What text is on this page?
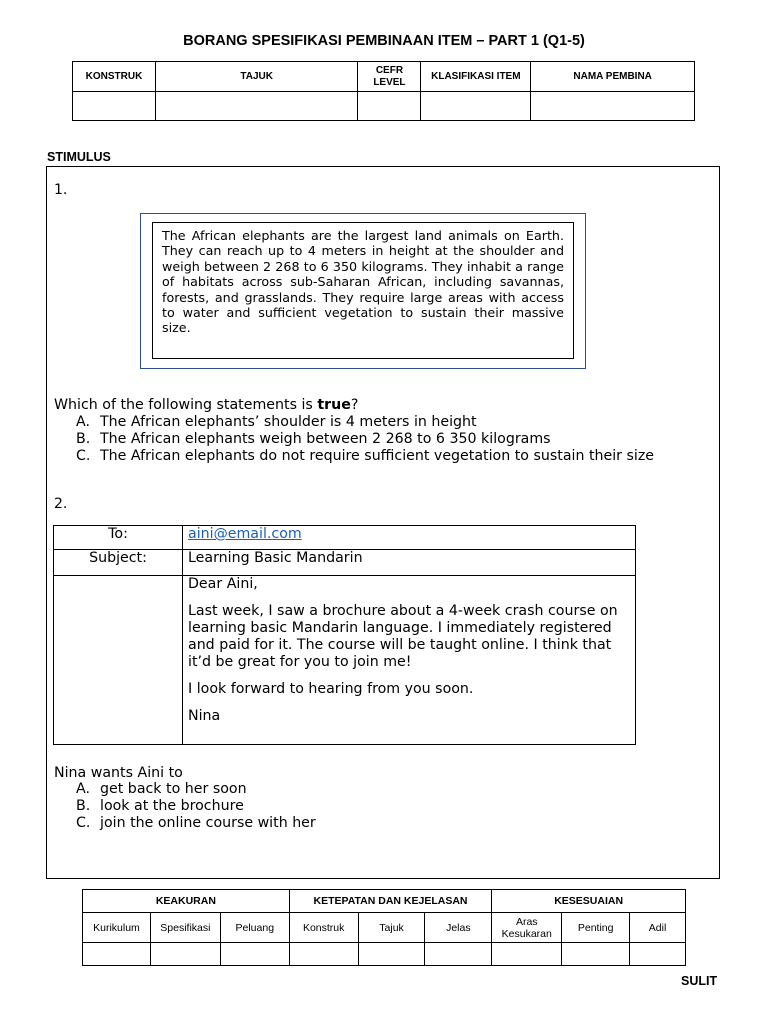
BORANG SPESIFIKASI PEMBINAAN ITEM – PART 1 (Q1-5)
KONSTRUK	TAJUK	CEFR LEVEL	KLASIFIKASI ITEM	NAMA PEMBINA

STIMULUS
1.
The African elephants are the largest land animals on Earth. They can reach up to 4 meters in height at the shoulder and weigh between 2 268 to 6 350 kilograms. They inhabit a range of habitats across sub-Saharan African, including savannas, forests, and grasslands. They require large areas with access to water and sufficient vegetation to sustain their massive size.
Which of the following statements is true?
A. The African elephants’ shoulder is 4 meters in height
B. The African elephants weigh between 2 268 to 6 350 kilograms
C. The African elephants do not require sufficient vegetation to sustain their size
2.
To:	aini@email.com
Subject:	Learning Basic Mandarin

	Dear Aini,

Last week, I saw a brochure about a 4-week crash course on learning basic Mandarin language. I immediately registered and paid for it. The course will be taught online. I think that it’d be great for you to join me!

I look forward to hearing from you soon.

Nina

Nina wants Aini to
A. get back to her soon
B. look at the brochure
C. join the online course with her
KEAKURAN			KETEPATAN DAN KEJELASAN			KESESUAIAN		
Kurikulum	Spesifikasi	Peluang	Konstruk	Tajuk	Jelas	Aras Kesukaran	Penting	Adil

SULIT
